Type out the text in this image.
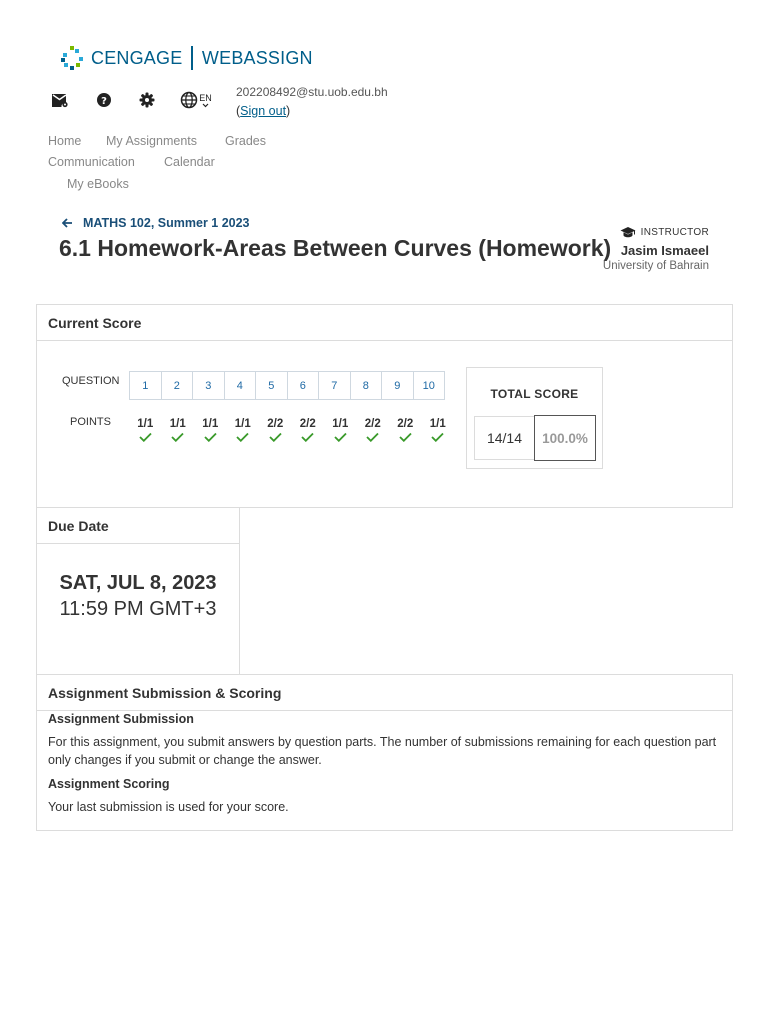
CENGAGE WEBASSIGN
?	EN 202208492@stu.uob.edu.bh
(Sign out)
Home My Assignments Grades
Communication Calendar
My eBooks
MATHS 102, Summer 1 2023
6.1 Homework-Areas Between Curves (Homework)
INSTRUCTOR
Jasim Ismaeel
University of Bahrain
Current Score
QUESTION
POINTS
1	2	3	4	5	6	7	8	9	10
1/1	1/1	1/1	1/1	2/2	2/2	1/1	2/2	2/2	1/1
TOTAL SCORE
14/14	100.0%
Due Date
SAT, JUL 8, 2023
11:59 PM GMT+3
Assignment Submission & Scoring
Assignment Submission
For this assignment, you submit answers by question parts. The number of submissions remaining for each question part only changes if you submit or change the answer.
Assignment Scoring
Your last submission is used for your score.
